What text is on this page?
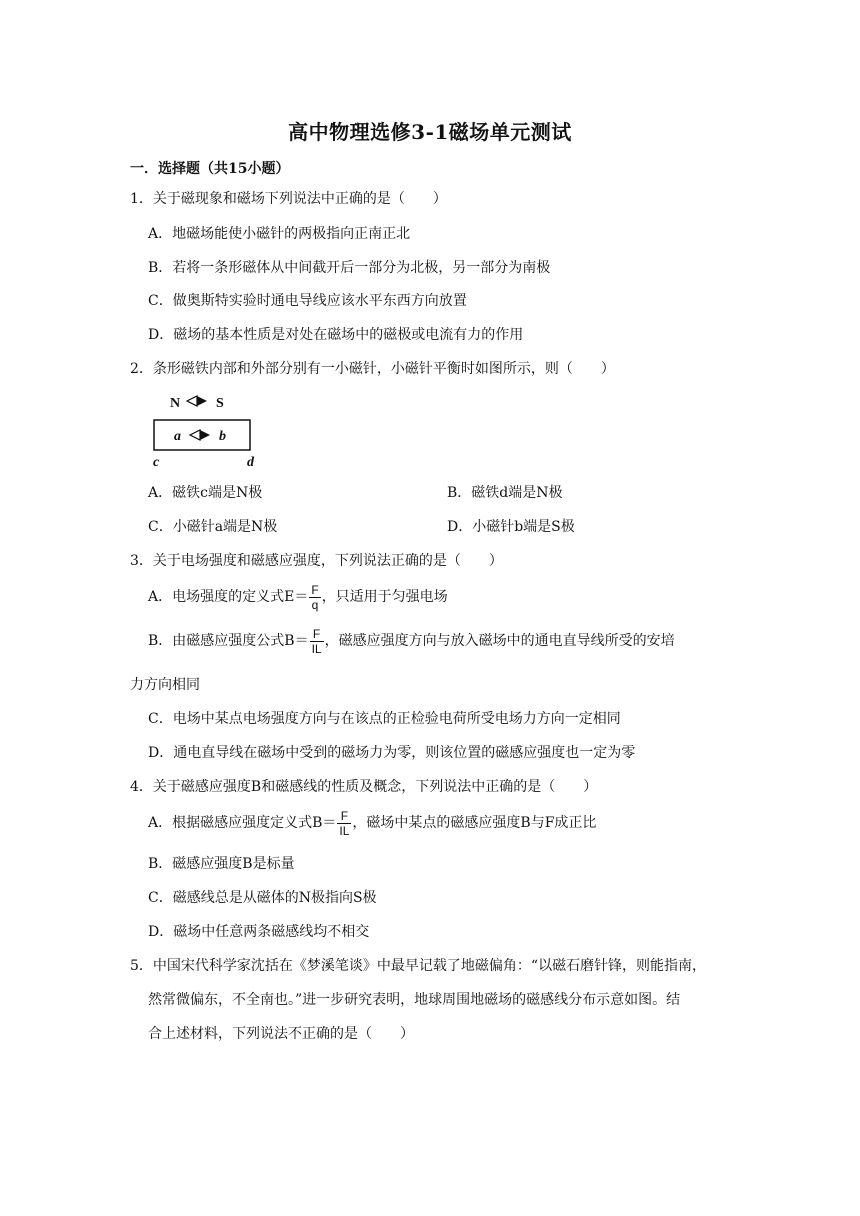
高中物理选修3-1磁场单元测试
一．选择题（共15小题）
1．关于磁现象和磁场下列说法中正确的是（　　）
A．地磁场能使小磁针的两极指向正南正北
B．若将一条形磁体从中间截开后一部分为北极，另一部分为南极
C．做奥斯特实验时通电导线应该水平东西方向放置
D．磁场的基本性质是对处在磁场中的磁极或电流有力的作用
2．条形磁铁内部和外部分别有一小磁针，小磁针平衡时如图所示，则（　　）
N	S
a	b
c	d
A．磁铁c端是N极	B．磁铁d端是N极
C．小磁针a端是N极	D．小磁针b端是S极
3．关于电场强度和磁感应强度，下列说法正确的是（　　）
A．电场强度的定义式$E= \frac{F}{q}$ ，只适用于匀强电场
B．由磁感应强度公式$B= \frac{F}{IL}$ ，磁感应强度方向与放入磁场中的通电直导线所受的安培
力方向相同
C．电场中某点电场强度方向与在该点的正检验电荷所受电场力方向一定相同
D．通电直导线在磁场中受到的磁场力为零，则该位置的磁感应强度也一定为零
4．关于磁感应强度B和磁感线的性质及概念，下列说法中正确的是（　　）
A．根据磁感应强度定义式$B= \frac{F}{IL}$ ，磁场中某点的磁感应强度B与F成正比
B．磁感应强度B是标量
C．磁感线总是从磁体的N极指向S极
D．磁场中任意两条磁感线均不相交
5．中国宋代科学家沈括在《梦溪笔谈》中最早记载了地磁偏角：“以磁石磨针锋，则能指南，
然常微偏东，不全南也。”进一步研究表明，地球周围地磁场的磁感线分布示意如图。结
合上述材料，下列说法不正确的是（　　）
